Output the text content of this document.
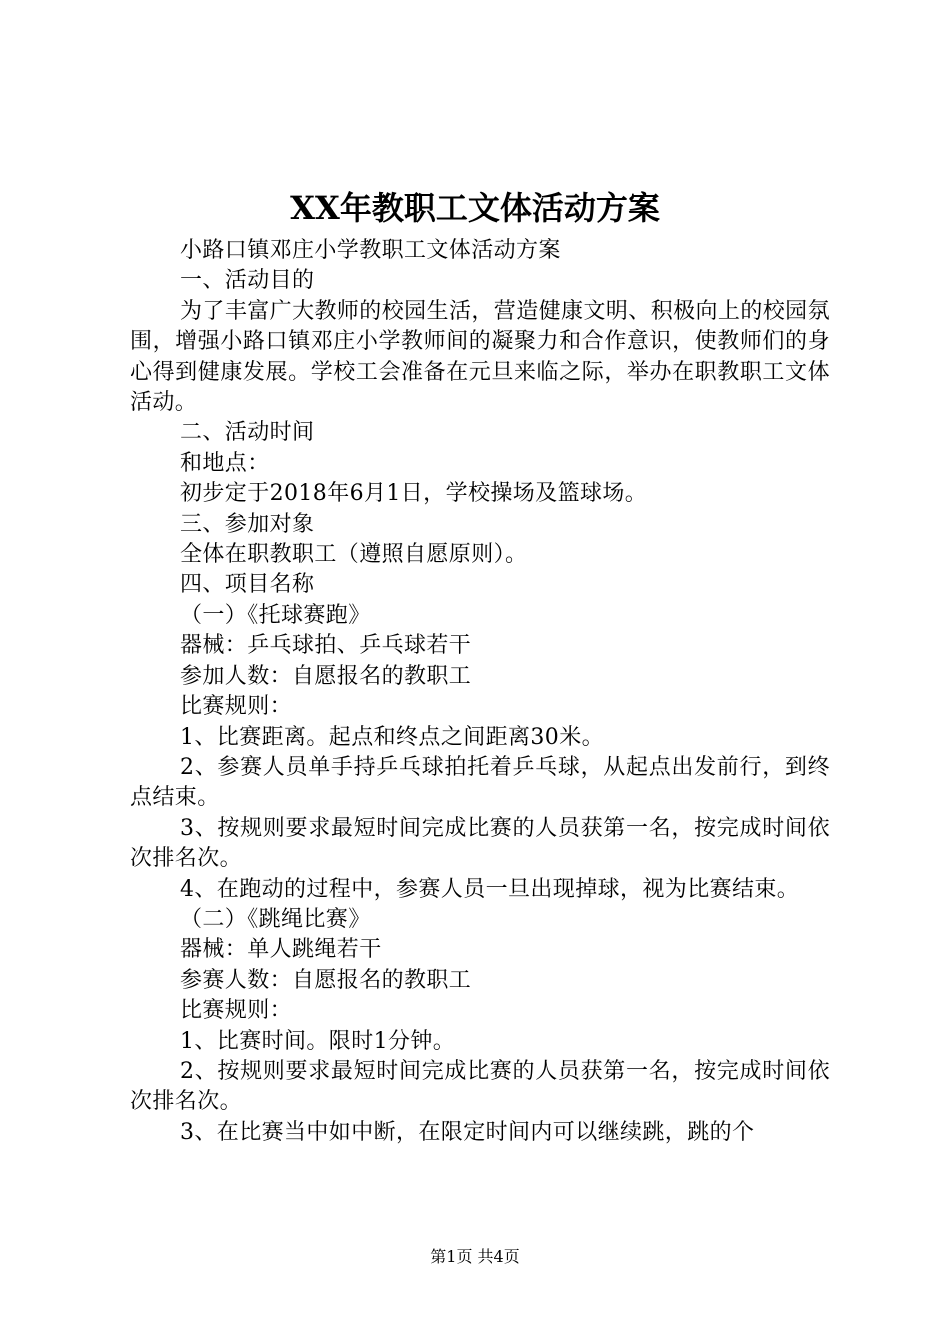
XX年教职工文体活动方案

小路口镇邓庄小学教职工文体活动方案

一、活动目的

为了丰富广大教师的校园生活，营造健康文明、积极向上的校园氛围，增强小路口镇邓庄小学教师间的凝聚力和合作意识，使教师们的身心得到健康发展。学校工会准备在元旦来临之际，举办在职教职工文体活动。

二、活动时间

和地点：

初步定于2018年6月1日，学校操场及篮球场。

三、参加对象

全体在职教职工（遵照自愿原则）。

四、项目名称

（一）《托球赛跑》

器械：乒乓球拍、乒乓球若干

参加人数：自愿报名的教职工

比赛规则：

1、比赛距离。起点和终点之间距离30米。

2、参赛人员单手持乒乓球拍托着乒乓球，从起点出发前行，到终点结束。

3、按规则要求最短时间完成比赛的人员获第一名，按完成时间依次排名次。

4、在跑动的过程中，参赛人员一旦出现掉球，视为比赛结束。

（二）《跳绳比赛》

器械：单人跳绳若干

参赛人数：自愿报名的教职工

比赛规则：

1、比赛时间。限时1分钟。

2、按规则要求最短时间完成比赛的人员获第一名，按完成时间依次排名次。

3、在比赛当中如中断，在限定时间内可以继续跳，跳的个

第1页 共4页
